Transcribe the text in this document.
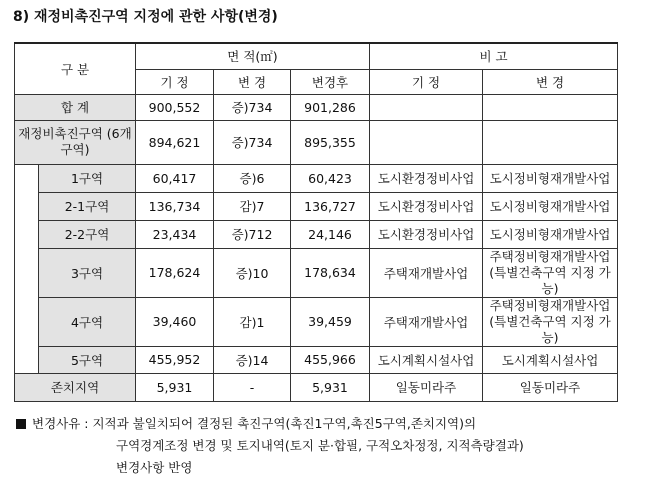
8) 재정비촉진구역 지정에 관한 사항(변경)
구 분		면 적(㎡)			비 고	
		기 정	변 경	변경후	기 정	변 경
합 계		900,552	증)734	901,286		
재정비촉진구역 (6개구역)		894,621	증)734	895,355		
	1구역	60,417	증)6	60,423	도시환경정비사업	도시정비형재개발사업
	2-1구역	136,734	감)7	136,727	도시환경정비사업	도시정비형재개발사업
	2-2구역	23,434	증)712	24,146	도시환경정비사업	도시정비형재개발사업
	3구역	178,624	증)10	178,634	주택재개발사업	주택정비형재개발사업 (특별건축구역 지정 가능)
	4구역	39,460	감)1	39,459	주택재개발사업	주택정비형재개발사업 (특별건축구역 지정 가능)
	5구역	455,952	증)14	455,966	도시계획시설사업	도시계획시설사업
존치지역		5,931	-	5,931	일동미라주	일동미라주
변경사유 : 지적과 불일치되어 결정된 촉진구역(촉진1구역,촉진5구역,존치지역)의
구역경계조정 변경 및 토지내역(토지 분·합필, 구적오차정정, 지적측량결과)
변경사항 반영
